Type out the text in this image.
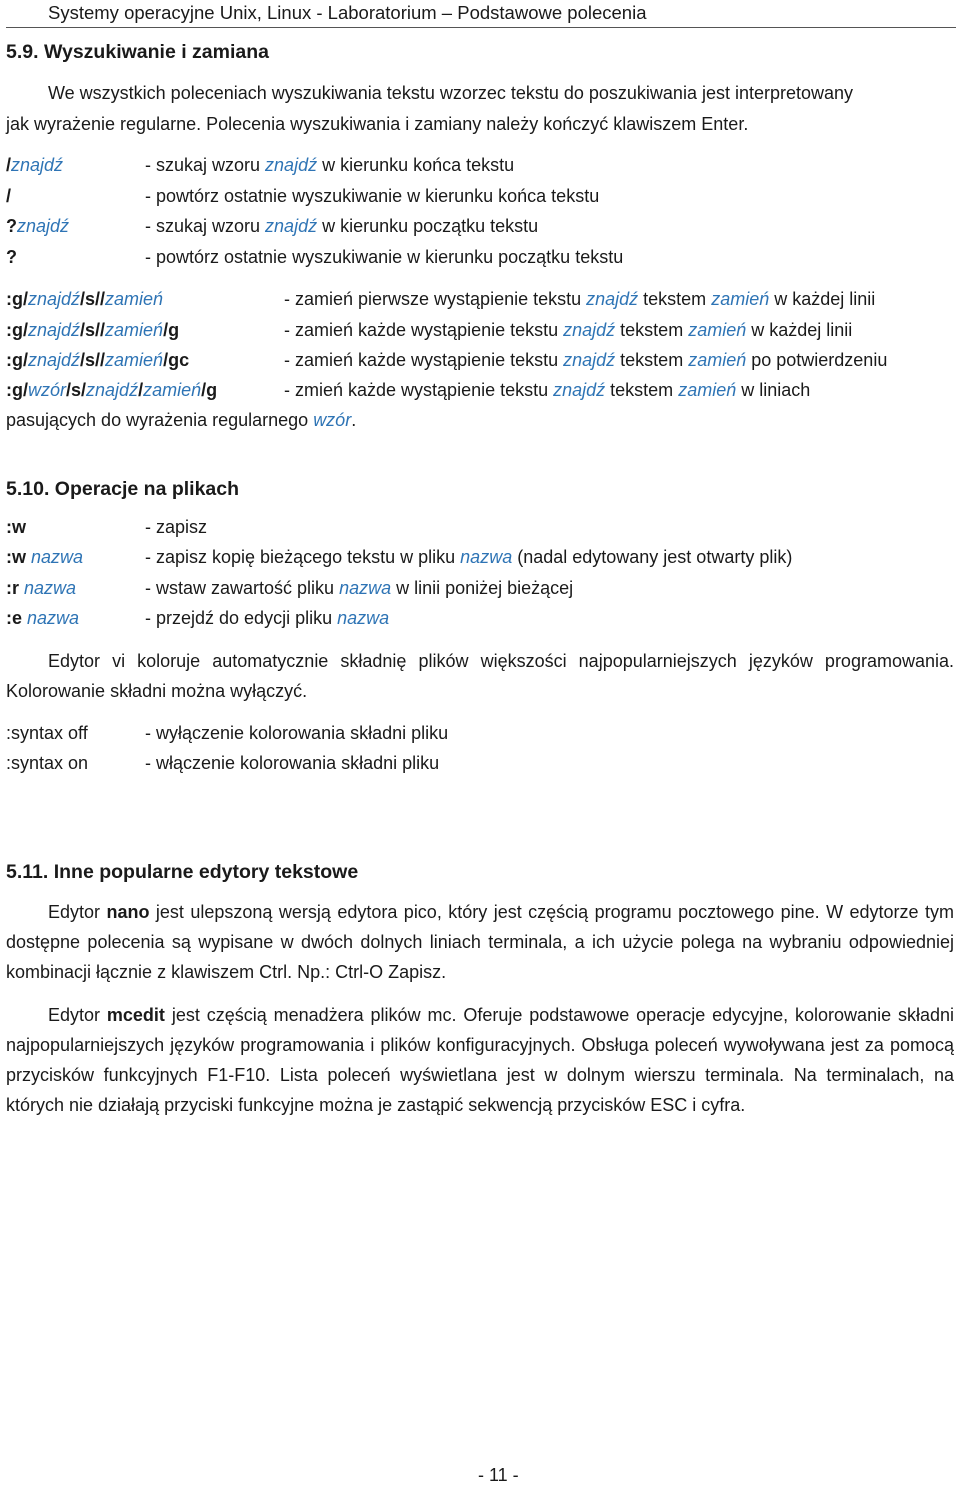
Systemy operacyjne Unix, Linux - Laboratorium – Podstawowe polecenia
5.9. Wyszukiwanie i zamiana
We wszystkich poleceniach wyszukiwania tekstu wzorzec tekstu do poszukiwania jest interpretowany
jak wyrażenie regularne. Polecenia wyszukiwania i zamiany należy kończyć klawiszem Enter.
/znajdź	- szukaj wzoru znajdź w kierunku końca tekstu
/	- powtórz ostatnie wyszukiwanie w kierunku końca tekstu
?znajdź	- szukaj wzoru znajdź w kierunku początku tekstu
?	- powtórz ostatnie wyszukiwanie w kierunku początku tekstu
:g/znajdź/s//zamień	- zamień pierwsze wystąpienie tekstu znajdź tekstem zamień w każdej linii
:g/znajdź/s//zamień/g	- zamień każde wystąpienie tekstu znajdź tekstem zamień w każdej linii
:g/znajdź/s//zamień/gc	- zamień każde wystąpienie tekstu znajdź tekstem zamień po potwierdzeniu
:g/wzór/s/znajdź/zamień/g	- zmień każde wystąpienie tekstu znajdź tekstem zamień w liniach
pasujących do wyrażenia regularnego wzór.
5.10. Operacje na plikach
:w	- zapisz
:w nazwa	- zapisz kopię bieżącego tekstu w pliku nazwa (nadal edytowany jest otwarty plik)
:r nazwa	- wstaw zawartość pliku nazwa w linii poniżej bieżącej
:e nazwa	- przejdź do edycji pliku nazwa
Edytor vi koloruje automatycznie składnię plików większości najpopularniejszych języków programowania. Kolorowanie składni można wyłączyć.
:syntax off	- wyłączenie kolorowania składni pliku
:syntax on	- włączenie kolorowania składni pliku
5.11. Inne popularne edytory tekstowe
Edytor nano jest ulepszoną wersją edytora pico, który jest częścią programu pocztowego pine. W edytorze tym dostępne polecenia są wypisane w dwóch dolnych liniach terminala, a ich użycie polega na wybraniu odpowiedniej kombinacji łącznie z klawiszem Ctrl. Np.: Ctrl-O Zapisz.
Edytor mcedit jest częścią menadżera plików mc. Oferuje podstawowe operacje edycyjne, kolorowanie składni najpopularniejszych języków programowania i plików konfiguracyjnych. Obsługa poleceń wywoływana jest za pomocą przycisków funkcyjnych F1-F10. Lista poleceń wyświetlana jest w dolnym wierszu terminala. Na terminalach, na których nie działają przyciski funkcyjne można je zastąpić sekwencją przycisków ESC i cyfra.
- 11 -
